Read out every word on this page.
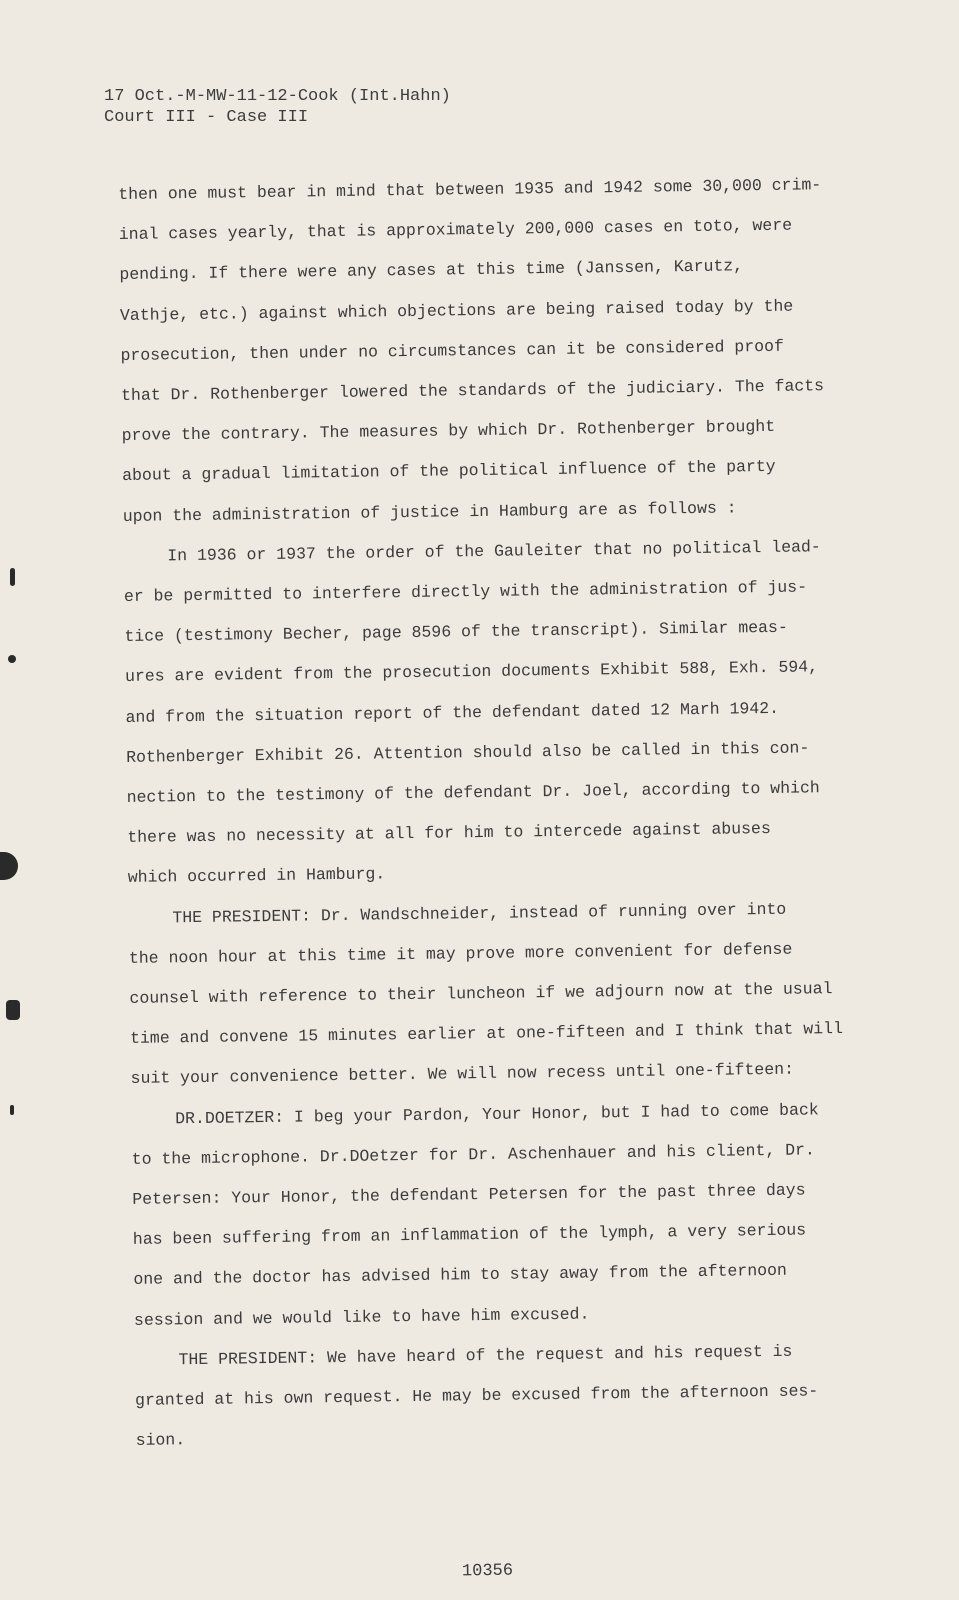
17 Oct.-M-MW-11-12-Cook (Int.Hahn)
Court III - Case III
then one must bear in mind that between 1935 and 1942 some 30,000 crim-
inal cases yearly, that is approximately 200,000 cases en toto, were
pending. If there were any cases at this time (Janssen, Karutz,
Vathje, etc.) against which objections are being raised today by the
prosecution, then under no circumstances can it be considered proof
that Dr. Rothenberger lowered the standards of the judiciary. The facts
prove the contrary. The measures by which Dr. Rothenberger brought
about a gradual limitation of the political influence of the party
upon the administration of justice in Hamburg are as follows :
In 1936 or 1937 the order of the Gauleiter that no political lead-
er be permitted to interfere directly with the administration of jus-
tice (testimony Becher, page 8596 of the transcript). Similar meas-
ures are evident from the prosecution documents Exhibit 588, Exh. 594,
and from the situation report of the defendant dated 12 Marh 1942.
Rothenberger Exhibit 26. Attention should also be called in this con-
nection to the testimony of the defendant Dr. Joel, according to which
there was no necessity at all for him to intercede against abuses
which occurred in Hamburg.
THE PRESIDENT: Dr. Wandschneider, instead of running over into
the noon hour at this time it may prove more convenient for defense
counsel with reference to their luncheon if we adjourn now at the usual
time and convene 15 minutes earlier at one-fifteen and I think that will
suit your convenience better. We will now recess until one-fifteen:
DR.DOETZER: I beg your Pardon, Your Honor, but I had to come back
to the microphone. Dr.DOetzer for Dr. Aschenhauer and his client, Dr.
Petersen: Your Honor, the defendant Petersen for the past three days
has been suffering from an inflammation of the lymph, a very serious
one and the doctor has advised him to stay away from the afternoon
session and we would like to have him excused.
THE PRESIDENT: We have heard of the request and his request is
granted at his own request. He may be excused from the afternoon ses-
sion.
10356
